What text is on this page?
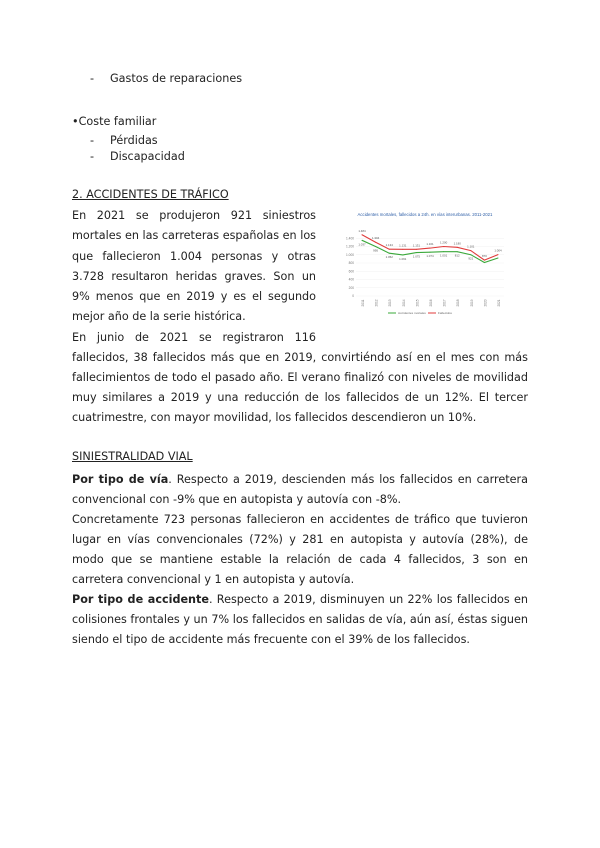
- Gastos de reparaciones
•Coste familiar
- Pérdidas
- Discapacidad
2. ACCIDENTES DE TRÁFICO
En 2021 se produjeron 921 siniestros
mortales en las carreteras españolas en los
que fallecieron 1.004 personas y otras
3.728 resultaron heridas graves. Son un
9% menos que en 2019 y es el segundo
mejor año de la serie histórica.
En junio de 2021 se registraron 116
Accidentes mortales, fallecidos a 24h. en vías interurbanas. 2011-2021
0
200
400
600
800
1.000
1.200
1.400
2011	2012	2013	2014	2015	2016	2017	2018	2019	2020	2021
1.484
1.304
1.134 1.131 1.131 1.161 1.200 1.180
1.101
870
1.004
1.037
995
1.052 1.061
1.075 1.074 1.001	812
921
Accidentes mortales	Fallecidos

fallecidos, 38 fallecidos más que en 2019, convirtiéndo así en el mes con más fallecimientos de todo el pasado año. El verano finalizó con niveles de movilidad muy similares a 2019 y una reducción de los fallecidos de un 12%. El tercer cuatrimestre, con mayor movilidad, los fallecidos descendieron un 10%.

SINIESTRALIDAD VIAL

Por tipo de vía. Respecto a 2019, descienden más los fallecidos en carretera convencional con -9% que en autopista y autovía con -8%.

Concretamente 723 personas fallecieron en accidentes de tráfico que tuvieron lugar en vías convencionales (72%) y 281 en autopista y autovía (28%), de modo que se mantiene estable la relación de cada 4 fallecidos, 3 son en carretera convencional y 1 en autopista y autovía.

Por tipo de accidente. Respecto a 2019, disminuyen un 22% los fallecidos en colisiones frontales y un 7% los fallecidos en salidas de vía, aún así, éstas siguen siendo el tipo de accidente más frecuente con el 39% de los fallecidos.
